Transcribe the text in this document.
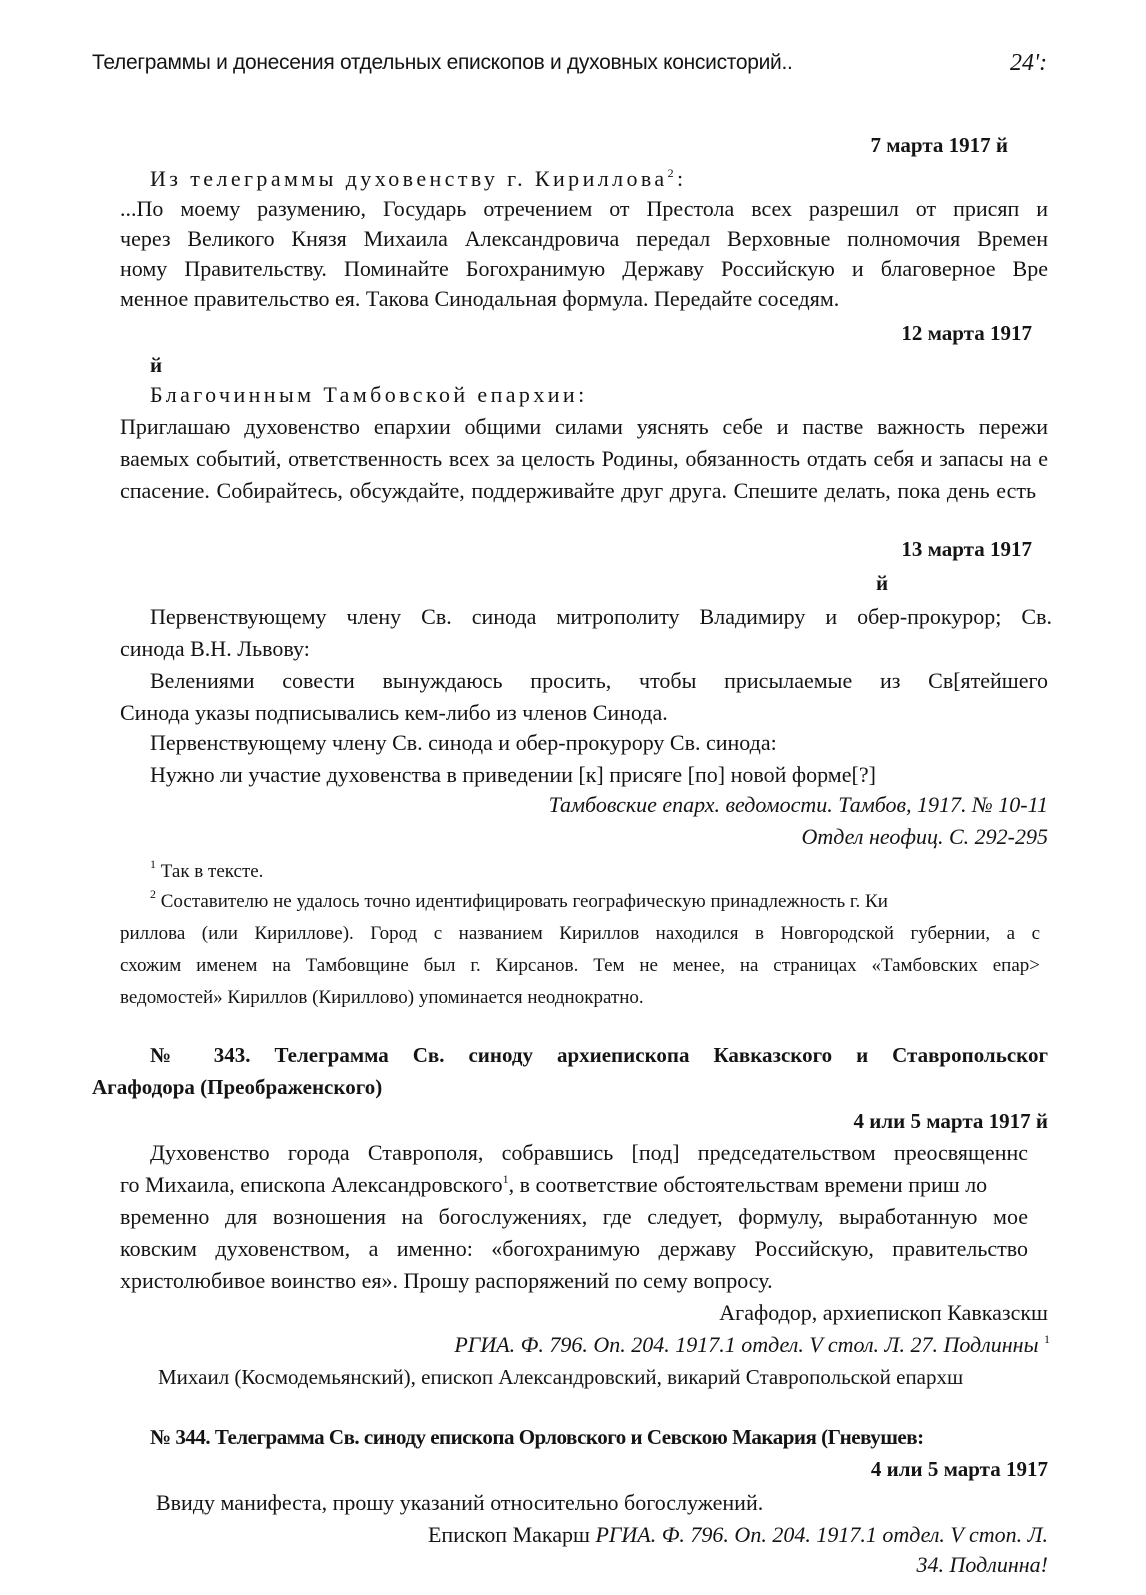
Телеграммы и донесения отдельных епископов и духовных консисторий..	24':
7 марта 1917 й
Из телеграммы духовенству г. Кириллова$^2$:
...По моему разумению, Государь отречением от Престола всех разрешил от присяп и
через Великого Князя Михаила Александровича передал Верховные полномочия Времен
ному Правительству. Поминайте Богохранимую Державу Российскую и благоверное Вре
менное правительство ея. Такова Синодальная формула. Передайте соседям.
12 марта 1917
й
Благочинным Тамбовской епархии:
Приглашаю духовенство епархии общими силами уяснять себе и пастве важность пережи
ваемых событий, ответственность всех за целость Родины, обязанность отдать себя и запасы на е
спасение. Собирайтесь, обсуждайте, поддерживайте друг друга. Спешите делать, пока день есть
13 марта 1917
й
Первенствующему члену Св. синода митрополиту Владимиру и обер-прокурор; Св.
синода В.Н. Львову:
Велениями совести вынуждаюсь просить, чтобы присылаемые из Св[ятейшего
Синода указы подписывались кем-либо из членов Синода.
Первенствующему члену Св. синода и обер-прокурору Св. синода:
Нужно ли участие духовенства в приведении [к] присяге [по] новой форме[?]
Тамбовские епарх. ведомости. Тамбов, 1917. № 10-11
Отдел неофиц. С. 292-295
$^1$ Так в тексте.
$^2$ Составителю не удалось точно идентифицировать географическую принадлежность г. Ки
риллова (или Кириллове). Город с названием Кириллов находился в Новгородской губернии, а с
схожим именем на Тамбовщине был г. Кирсанов. Тем не менее, на страницах «Тамбовских епар>
ведомостей» Кириллов (Кириллово) упоминается неоднократно.
№ 343. Телеграмма Св. синоду архиепископа Кавказского и Ставропольског
Агафодора (Преображенского)
4 или 5 марта 1917 й
Духовенство города Ставрополя, собравшись [под] председательством преосвященнс
го Михаила, епископа Александровского$^1$, в соответствие обстоятельствам времени приш ло
временно для вознoшения на богослужениях, где следует, формулу, выработанную мое
ковским духовенством, а именно: «богохранимую державу Российскую, правительство
христолюбивое воинство ея». Прошу распоряжений по сему вопросу.
Агафодор, архиепископ Кавказскш
РГИА. Ф. 796. Оп. 204. 1917.1 отдел. V стол. Л. 27. Подлинны $^1$
Михаил (Космодемьянский), епископ Александровский, викарий Ставропольской епархш
№ 344. Телеграмма Св. синоду епископа Орловского и Севскою Макария (Гневушев:
4 или 5 марта 1917
Ввиду манифеста, прошу указаний относительно богослужений.
Епископ Макарш РГИА. Ф. 796. Оп. 204. 1917.1 отдел. V стоп. Л.
34. Подлинна!
